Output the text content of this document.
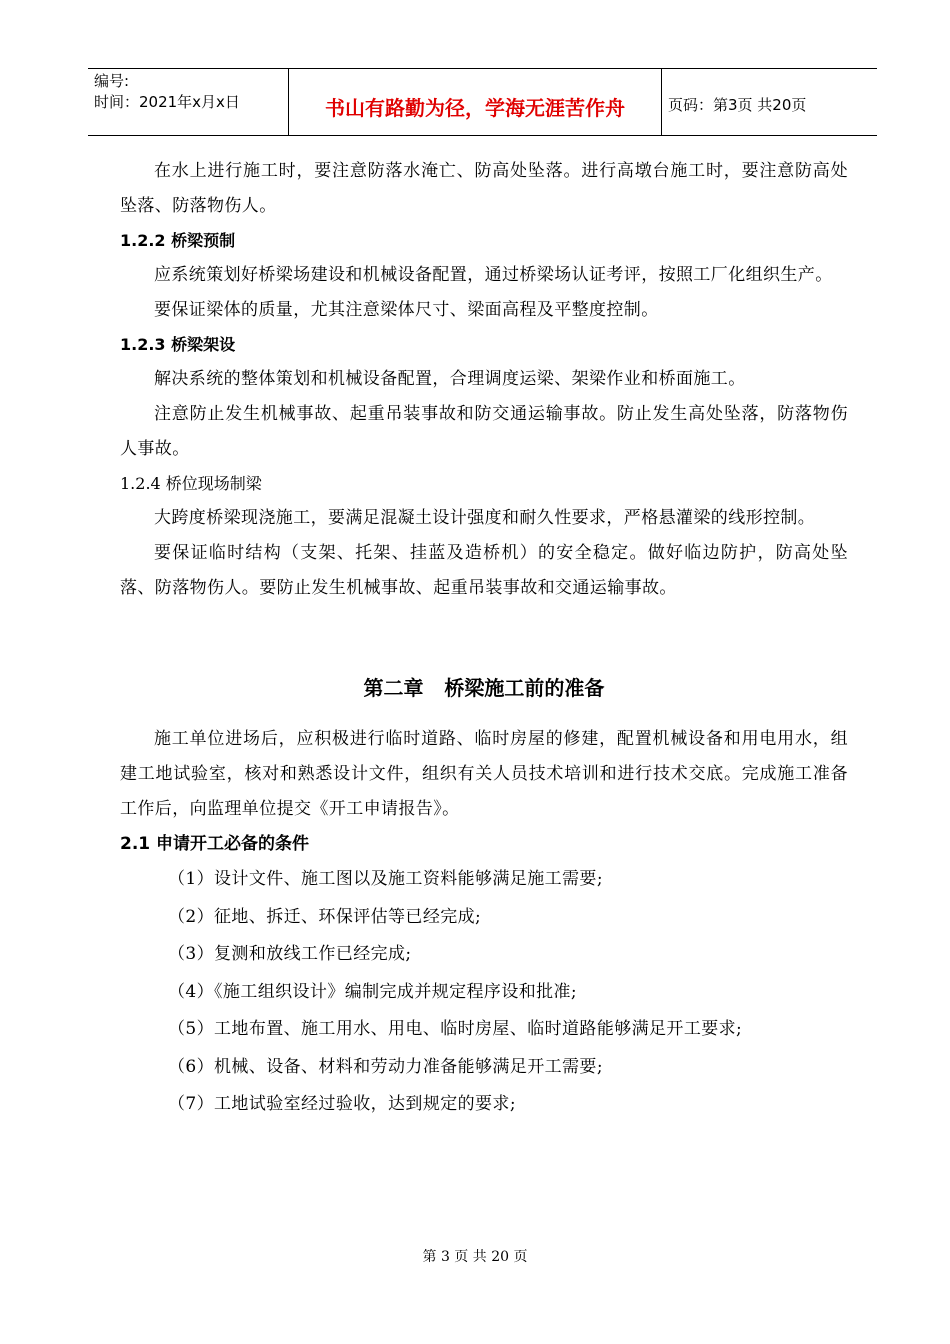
编号:
时间：2021年x月x日	书山有路勤为径，学海无涯苦作舟	页码：第3页 共20页

在水上进行施工时，要注意防落水淹亡、防高处坠落。进行高墩台施工时，要注意防高处坠落、防落物伤人。

1.2.2 桥梁预制

应系统策划好桥梁场建设和机械设备配置，通过桥梁场认证考评，按照工厂化组织生产。

要保证梁体的质量，尤其注意梁体尺寸、梁面高程及平整度控制。

1.2.3 桥梁架设

解决系统的整体策划和机械设备配置，合理调度运梁、架梁作业和桥面施工。

注意防止发生机械事故、起重吊装事故和防交通运输事故。防止发生高处坠落，防落物伤人事故。

1.2.4 桥位现场制梁

大跨度桥梁现浇施工，要满足混凝土设计强度和耐久性要求，严格悬灌梁的线形控制。

要保证临时结构（支架、托架、挂蓝及造桥机）的安全稳定。做好临边防护，防高处坠落、防落物伤人。要防止发生机械事故、起重吊装事故和交通运输事故。

第二章   桥梁施工前的准备

施工单位进场后，应积极进行临时道路、临时房屋的修建，配置机械设备和用电用水，组建工地试验室，核对和熟悉设计文件，组织有关人员技术培训和进行技术交底。完成施工准备工作后，向监理单位提交《开工申请报告》。

2.1 申请开工必备的条件

（1）设计文件、施工图以及施工资料能够满足施工需要;

（2）征地、拆迁、环保评估等已经完成;

（3）复测和放线工作已经完成;

（4）《施工组织设计》编制完成并规定程序设和批准;

（5）工地布置、施工用水、用电、临时房屋、临时道路能够满足开工要求;

（6）机械、设备、材料和劳动力准备能够满足开工需要;

（7）工地试验室经过验收，达到规定的要求;

第 3 页 共 20 页
